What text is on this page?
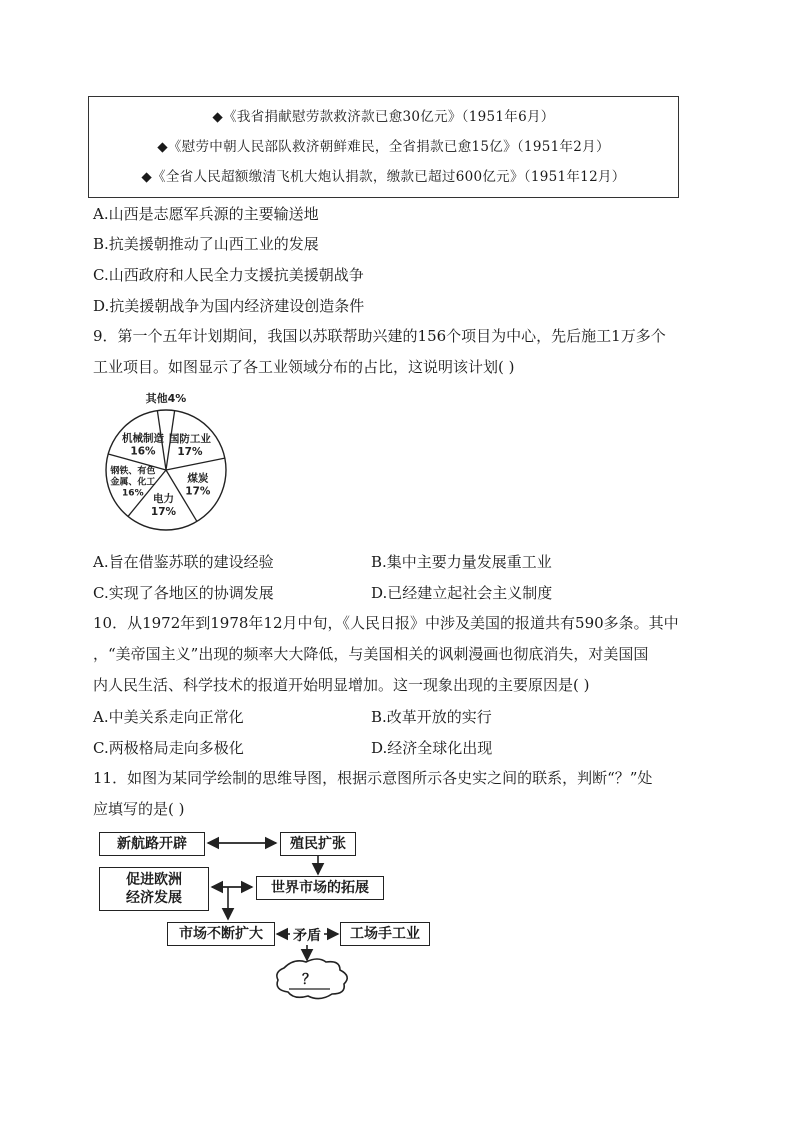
◆《我省捐献慰劳款救济款已愈30亿元》（1951年6月）
◆《慰劳中朝人民部队救济朝鲜难民，全省捐款已愈15亿》（1951年2月）
◆《全省人民超额缴清飞机大炮认捐款，缴款已超过600亿元》（1951年12月）
A.山西是志愿军兵源的主要输送地
B.抗美援朝推动了山西工业的发展
C.山西政府和人民全力支援抗美援朝战争
D.抗美援朝战争为国内经济建设创造条件
9．第一个五年计划期间，我国以苏联帮助兴建的156个项目为中心，先后施工1万多个
工业项目。如图显示了各工业领域分布的占比，这说明该计划( )
国防工业 17%
煤炭 17%
电力 17%
钢铁、有色金属、化工 16%
机械制造 16%
其他4%
A.旨在借鉴苏联的建设经验	B.集中主要力量发展重工业
C.实现了各地区的协调发展	D.已经建立起社会主义制度
10．从1972年到1978年12月中旬，《人民日报》中涉及美国的报道共有590多条。其中
，“美帝国主义”出现的频率大大降低，与美国相关的讽刺漫画也彻底消失，对美国国
内人民生活、科学技术的报道开始明显增加。这一现象出现的主要原因是( )
A.中美关系走向正常化	B.改革开放的实行
C.两极格局走向多极化	D.经济全球化出现
11．如图为某同学绘制的思维导图，根据示意图所示各史实之间的联系，判断“？”处
应填写的是( )
新航路开辟	殖民扩张
促进欧洲
经济发展
世界市场的拓展
市场不断扩大	矛盾	工场手工业
？
